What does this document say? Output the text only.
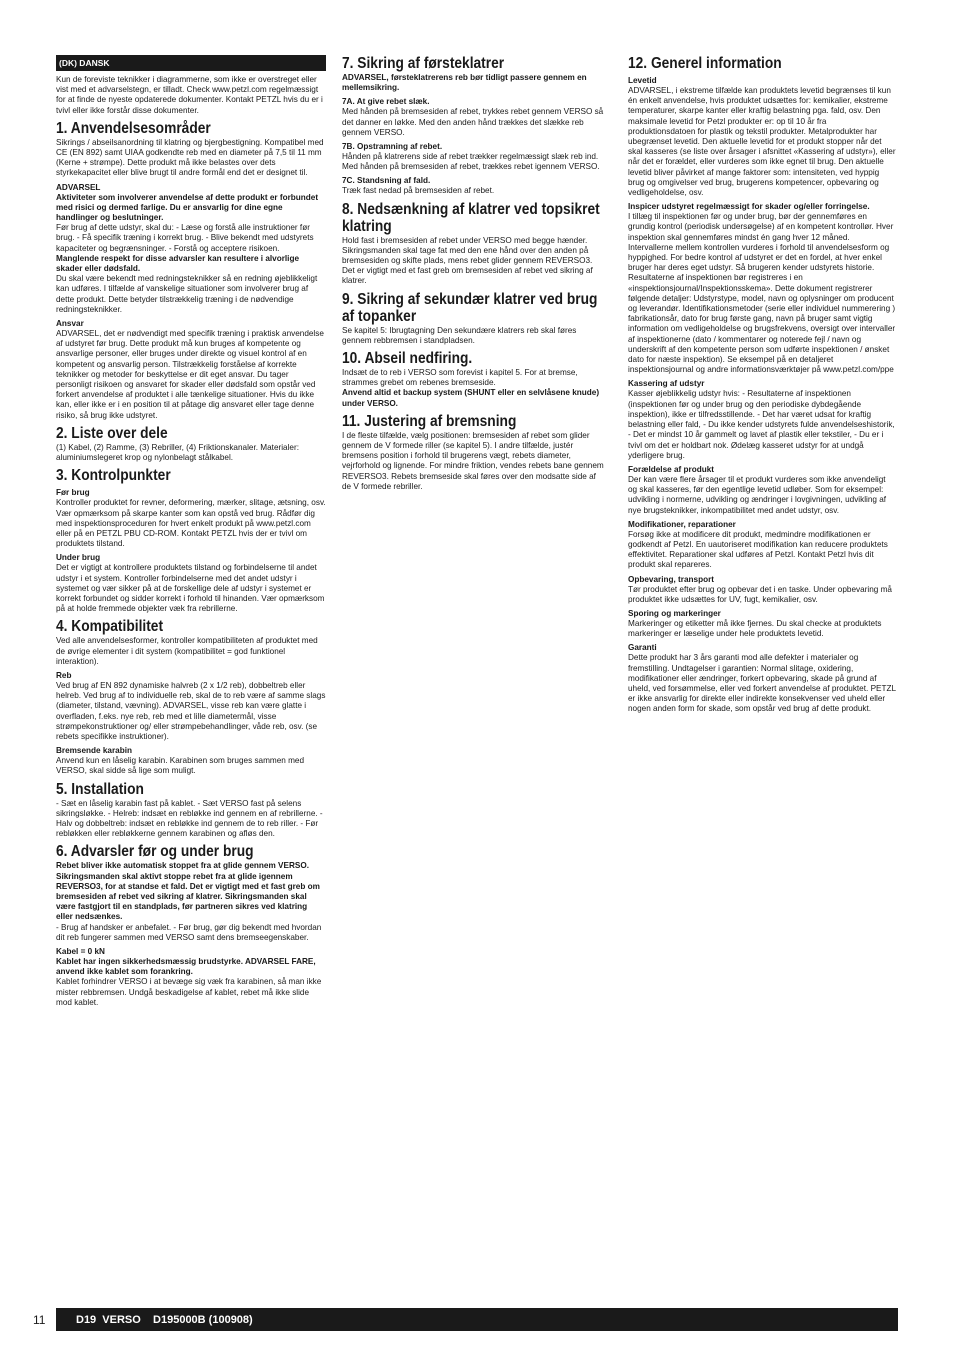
(DK) DANSK

Kun de foreviste teknikker i diagrammerne, som ikke er overstreget eller vist med et advarselstegn, er tilladt. Check www.petzl.com regelmæssigt for at finde de nyeste opdaterede dokumenter. Kontakt PETZL hvis du er i tvivl eller ikke forstår disse dokumenter.

1. Anvendelsesområder

Sikrings / abseilsanordning til klatring og bjergbestigning. Kompatibel med CE (EN 892) samt UIAA godkendte reb med en diameter på 7,5 til 11 mm (Kerne + strømpe). Dette produkt må ikke belastes over dets styrkekapacitet eller blive brugt til andre formål end det er designet til.

ADVARSEL

Aktiviteter som involverer anvendelse af dette produkt er forbundet med risici og dermed farlige. Du er ansvarlig for dine egne handlinger og beslutninger.

Før brug af dette udstyr, skal du: - Læse og forstå alle instruktioner før brug. - Få specifik træning i korrekt brug. - Blive bekendt med udstyrets kapaciteter og begrænsninger. - Forstå og acceptere risikoen.

Manglende respekt for disse advarsler kan resultere i alvorlige skader eller dødsfald.

Du skal være bekendt med redningsteknikker så en redning øjeblikkeligt kan udføres. I tilfælde af vanskelige situationer som involverer brug af dette produkt. Dette betyder tilstrækkelig træning i de nødvendige redningsteknikker.

Ansvar

ADVARSEL, det er nødvendigt med specifik træning i praktisk anvendelse af udstyret før brug. Dette produkt må kun bruges af kompetente og ansvarlige personer, eller bruges under direkte og visuel kontrol af en kompetent og ansvarlig person. Tilstrækkelig forståelse af korrekte teknikker og metoder for beskyttelse er dit eget ansvar. Du tager personligt risikoen og ansvaret for skader eller dødsfald som opstår ved forkert anvendelse af produktet i alle tænkelige situationer. Hvis du ikke kan, eller ikke er i en position til at påtage dig ansvaret eller tage denne risiko, så brug ikke udstyret.

2. Liste over dele

(1) Kabel, (2) Ramme, (3) Rebriller, (4) Friktionskanaler. Materialer: aluminiumslegeret krop og nylonbelagt stålkabel.

3. Kontrolpunkter
Før brug

Kontroller produktet for revner, deformering, mærker, slitage, ætsning, osv. Vær opmærksom på skarpe kanter som kan opstå ved brug. Rådfør dig med inspektionsproceduren for hvert enkelt produkt på www.petzl.com eller på en PETZL PBU CD-ROM. Kontakt PETZL hvis der er tvivl om produktets tilstand.

Under brug

Det er vigtigt at kontrollere produktets tilstand og forbindelserne til andet udstyr i et system. Kontroller forbindelserne med det andet udstyr i systemet og vær sikker på at de forskellige dele af udstyr i systemet er korrekt forbundet og sidder korrekt i forhold til hinanden. Vær opmærksom på at holde fremmede objekter væk fra rebrillerne.

4. Kompatibilitet

Ved alle anvendelsesformer, kontroller kompatibiliteten af produktet med de øvrige elementer i dit system (kompatibilitet = god funktionel interaktion).

Reb

Ved brug af EN 892 dynamiske halvreb (2 x 1/2 reb), dobbeltreb eller helreb. Ved brug af to individuelle reb, skal de to reb være af samme slags (diameter, tilstand, vævning). ADVARSEL, visse reb kan være glatte i overfladen, f.eks. nye reb, reb med et lille diametermål, visse strømpekonstruktioner og/ eller strømpebehandlinger, våde reb, osv. (se rebets specifikke instruktioner).

Bremsende karabin

Anvend kun en låselig karabin. Karabinen som bruges sammen med VERSO, skal sidde så lige som muligt.

5. Installation

- Sæt en låselig karabin fast på kablet. - Sæt VERSO fast på selens sikringsløkke. - Helreb: indsæt en rebløkke ind gennem en af rebrillerne. - Halv og dobbeltreb: indsæt en rebløkke ind gennem de to reb riller. - Før rebløkken eller rebløkkerne gennem karabinen og afløs den.

6. Advarsler før og under brug

Rebet bliver ikke automatisk stoppet fra at glide gennem VERSO. Sikringsmanden skal aktivt stoppe rebet fra at glide igennem REVERSO3, for at standse et fald. Det er vigtigt med et fast greb om bremsesiden af rebet ved sikring af klatrer. Sikringsmanden skal være fastgjort til en standplads, før partneren sikres ved klatring eller nedsænkes.

- Brug af handsker er anbefalet. - Før brug, gør dig bekendt med hvordan dit reb fungerer sammen med VERSO samt dens bremseegenskaber.

Kabel = 0 kN

Kablet har ingen sikkerhedsmæssig brudstyrke. ADVARSEL FARE, anvend ikke kablet som forankring.

Kablet forhindrer VERSO i at bevæge sig væk fra karabinen, så man ikke mister rebbremsen. Undgå beskadigelse af kablet, rebet må ikke slide mod kablet.

7. Sikring af førsteklatrer

ADVARSEL, førsteklatrerens reb bør tidligt passere gennem en mellemsikring.

7A. At give rebet slæk.

Med hånden på bremsesiden af rebet, trykkes rebet gennem VERSO så det danner en løkke. Med den anden hånd trækkes det slække reb gennem VERSO.

7B. Opstramning af rebet.

Hånden på klatrerens side af rebet trækker regelmæssigt slæk reb ind. Med hånden på bremsesiden af rebet, trækkes rebet igennem VERSO.

7C. Standsning af fald.

Træk fast nedad på bremsesiden af rebet.

8. Nedsænkning af klatrer ved topsikret klatring

Hold fast i bremsesiden af rebet under VERSO med begge hænder. Sikringsmanden skal tage fat med den ene hånd over den anden på bremsesiden og skifte plads, mens rebet glider gennem REVERSO3. Det er vigtigt med et fast greb om bremsesiden af rebet ved sikring af klatrer.

9. Sikring af sekundær klatrer ved brug af topanker

Se kapitel 5: Ibrugtagning Den sekundære klatrers reb skal føres gennem rebbremsen i standpladsen.

10. Abseil nedfiring.

Indsæt de to reb i VERSO som forevist i kapitel 5. For at bremse, strammes grebet om rebenes bremseside.

Anvend altid et backup system (SHUNT eller en selvlåsene knude) under VERSO.

11. Justering af bremsning

I de fleste tilfælde, vælg positionen: bremsesiden af rebet som glider gennem de V formede riller (se kapitel 5). I andre tilfælde, justér bremsens position i forhold til brugerens vægt, rebets diameter, vejrforhold og lignende. For mindre friktion, vendes rebets bane gennem REVERSO3. Rebets bremseside skal føres over den modsatte side af de V formede rebriller.

12. Generel information
Levetid

ADVARSEL, i ekstreme tilfælde kan produktets levetid begrænses til kun én enkelt anvendelse, hvis produktet udsættes for: kemikalier, ekstreme temperaturer, skarpe kanter eller kraftig belastning pga. fald, osv. Den maksimale levetid for Petzl produkter er: op til 10 år fra produktionsdatoen for plastik og tekstil produkter. Metalprodukter har ubegrænset levetid. Den aktuelle levetid for et produkt stopper når det skal kasseres (se liste over årsager i afsnittet «Kassering af udstyr»), eller når det er forældet, eller vurderes som ikke egnet til brug. Den aktuelle levetid bliver påvirket af mange faktorer som: intensiteten, ved hyppig brug og omgivelser ved brug, brugerens kompetencer, opbevaring og vedligeholdelse, osv.

Inspicer udstyret regelmæssigt for skader og/eller forringelse.

I tillæg til inspektionen før og under brug, bør der gennemføres en grundig kontrol (periodisk undersøgelse) af en kompetent kontrollør. Hver inspektion skal gennemføres mindst én gang hver 12 måned. Intervallerne mellem kontrollen vurderes i forhold til anvendelsesform og hyppighed. For bedre kontrol af udstyret er det en fordel, at hver enkel bruger har deres eget udstyr. Så brugeren kender udstyrets historie. Resultaterne af inspektionen bør registreres i en «inspektionsjournal/Inspektionsskema». Dette dokument registrerer følgende detaljer: Udstyrstype, model, navn og oplysninger om producent og leverandør. Identifikationsmetoder (serie eller individuel nummerering ) fabrikationsår, dato for brug første gang, navn på bruger samt vigtig information om vedligeholdelse og brugsfrekvens, oversigt over intervaller af inspektionerne (dato / kommentarer og noterede fejl / navn og underskrift af den kompetente person som udførte inspektionen / ønsket dato for næste inspektion). Se eksempel på en detaljeret inspektionsjournal og andre informationsværktøjer på www.petzl.com/ppe

Kassering af udstyr

Kasser øjeblikkelig udstyr hvis: - Resultaterne af inspektionen (inspektionen før og under brug og den periodiske dybdegående inspektion), ikke er tilfredsstillende. - Det har været udsat for kraftig belastning eller fald, - Du ikke kender udstyrets fulde anvendelseshistorik, - Det er mindst 10 år gammelt og lavet af plastik eller tekstiler, - Du er i tvivl om det er holdbart nok. Ødelæg kasseret udstyr for at undgå yderligere brug.

Forældelse af produkt

Der kan være flere årsager til et produkt vurderes som ikke anvendeligt og skal kasseres, før den egentlige levetid udløber. Som for eksempel: udvikling i normerne, udvikling og ændringer i lovgivningen, udvikling af nye brugsteknikker, inkompatibilitet med andet udstyr, osv.

Modifikationer, reparationer

Forsøg ikke at modificere dit produkt, medmindre modifikationen er godkendt af Petzl. En uautoriseret modifikation kan reducere produktets effektivitet. Reparationer skal udføres af Petzl. Kontakt Petzl hvis dit produkt skal repareres.

Opbevaring, transport

Tør produktet efter brug og opbevar det i en taske. Under opbevaring må produktet ikke udsættes for UV, fugt, kemikalier, osv.

Sporing og markeringer

Markeringer og etiketter må ikke fjernes. Du skal checke at produktets markeringer er læselige under hele produktets levetid.

Garanti

Dette produkt har 3 års garanti mod alle defekter i materialer og fremstilling. Undtagelser i garantien: Normal slitage, oxidering, modifikationer eller ændringer, forkert opbevaring, skade på grund af uheld, ved forsømmelse, eller ved forkert anvendelse af produktet. PETZL er ikke ansvarlig for direkte eller indirekte konsekvenser ved uheld eller nogen anden form for skade, som opstår ved brug af dette produkt.

11	D19  VERSO    D195000B (100908)
